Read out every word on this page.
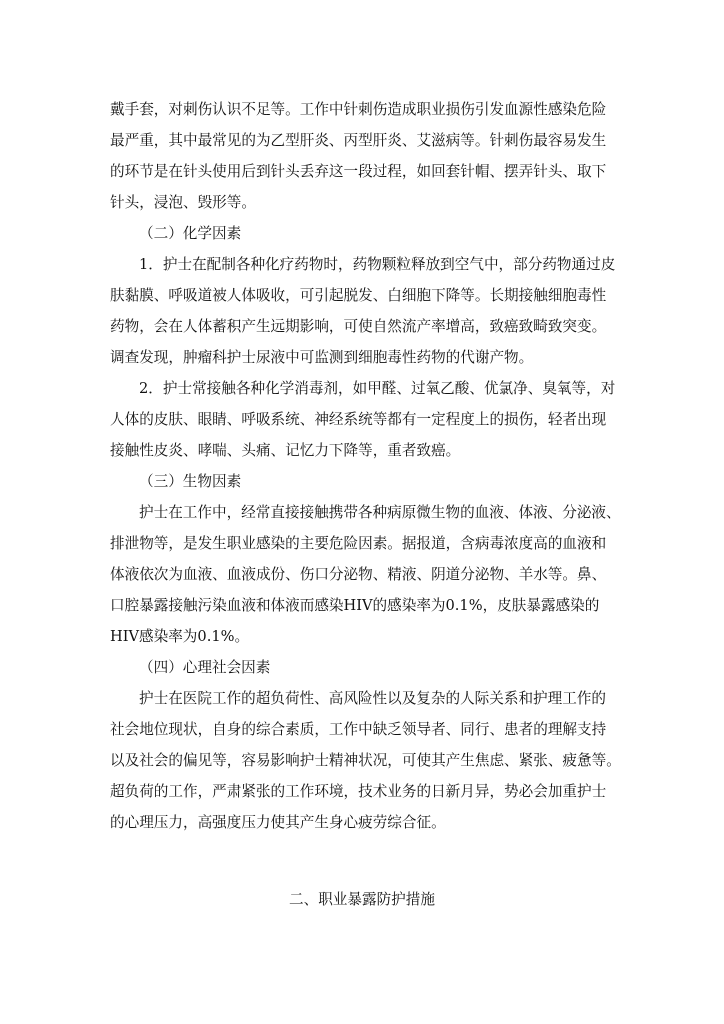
戴手套，对刺伤认识不足等。工作中针刺伤造成职业损伤引发血源性感染危险
最严重，其中最常见的为乙型肝炎、丙型肝炎、艾滋病等。针刺伤最容易发生
的环节是在针头使用后到针头丢弃这一段过程，如回套针帽、摆弄针头、取下
针头，浸泡、毁形等。
（二）化学因素
1．护士在配制各种化疗药物时，药物颗粒释放到空气中，部分药物通过皮
肤黏膜、呼吸道被人体吸收，可引起脱发、白细胞下降等。长期接触细胞毒性
药物，会在人体蓄积产生远期影响，可使自然流产率增高，致癌致畸致突变。
调查发现，肿瘤科护士尿液中可监测到细胞毒性药物的代谢产物。
2．护士常接触各种化学消毒剂，如甲醛、过氧乙酸、优氯净、臭氧等，对
人体的皮肤、眼睛、呼吸系统、神经系统等都有一定程度上的损伤，轻者出现
接触性皮炎、哮喘、头痛、记忆力下降等，重者致癌。
（三）生物因素
护士在工作中，经常直接接触携带各种病原微生物的血液、体液、分泌液、
排泄物等，是发生职业感染的主要危险因素。据报道，含病毒浓度高的血液和
体液依次为血液、血液成份、伤口分泌物、精液、阴道分泌物、羊水等。鼻、
口腔暴露接触污染血液和体液而感染HIV的感染率为0.1%，皮肤暴露感染的
HIV感染率为0.1%。
（四）心理社会因素
护士在医院工作的超负荷性、高风险性以及复杂的人际关系和护理工作的
社会地位现状，自身的综合素质，工作中缺乏领导者、同行、患者的理解支持
以及社会的偏见等，容易影响护士精神状况，可使其产生焦虑、紧张、疲惫等。
超负荷的工作，严肃紧张的工作环境，技术业务的日新月异，势必会加重护士
的心理压力，高强度压力使其产生身心疲劳综合征。
二、职业暴露防护措施
